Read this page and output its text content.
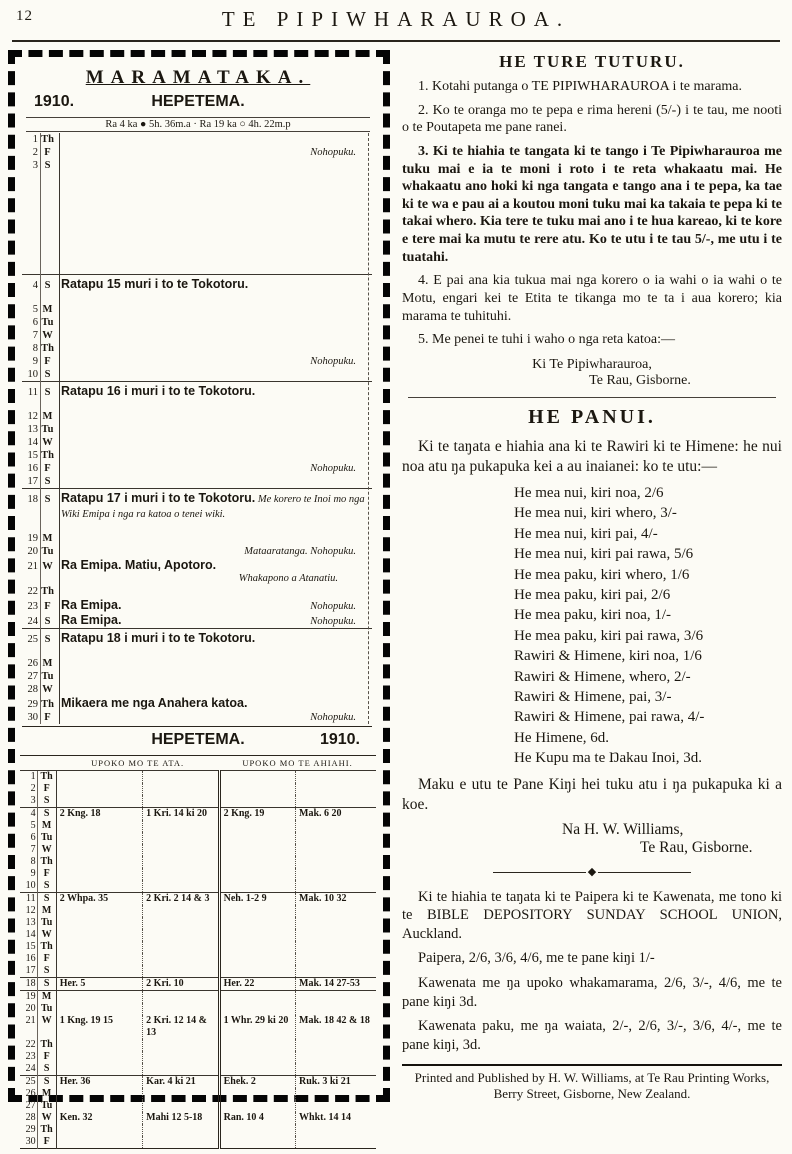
12	TE PIPIWHARAUROA.
MARAMATAKA.
1910.	HEPETEMA.
Ra 4 ka ● 5h. 36m.a · Ra 19 ka ○ 4h. 22m.p
1 Th
2 F	Nohopuku.
3 S
4 S Ratapu 15 muri i to te Tokotoru.
5 M
6 Tu
7 W
8 Th
9 F	Nohopuku.
10 S
11 S Ratapu 16 i muri i to te Tokotoru.
12 M
13 Tu
14 W
15 Th
16 F	Nohopuku.
17 S
18 S Ratapu 17 i muri i to te Tokotoru. Me korero te Inoi mo nga Wiki Emipa i nga ra katoa o tenei wiki.
19 M
20 Tu	Mataaratanga. Nohopuku.
21 W Ra Emipa. Matiu, Apotoro.
Whakapono a Atanatiu.
22 Th
23 F Ra Emipa.	Nohopuku.
24 S Ra Emipa.	Nohopuku.
25 S Ratapu 18 i muri i to te Tokotoru.
26 M
27 Tu
28 W
29 Th Mikaera me nga Anahera katoa.
30 F	Nohopuku.
HEPETEMA.	1910.
		UPOKO MO TE ATA.		UPOKO MO TE AHIAHI.	
1	Th				
2	F				
3	S				
4	S	2 Kng. 18	1 Kri. 14 ki 20	2 Kng. 19	Mak. 6 20
5	M				
6	Tu				
7	W				
8	Th				
9	F				
10	S				
11	S	2 Whpa. 35	2 Kri. 2 14 & 3	Neh. 1-2 9	Mak. 10 32
12	M				
13	Tu				
14	W				
15	Th				
16	F				
17	S				
18	S	Her. 5	2 Kri. 10	Her. 22	Mak. 14 27-53
19	M				
20	Tu				
21	W	1 Kng. 19 15	2 Kri. 12 14 & 13	1 Whr. 29 ki 20	Mak. 18 42 & 18
22	Th				
23	F				
24	S				
25	S	Her. 36	Kar. 4 ki 21	Ehek. 2	Ruk. 3 ki 21
26	M				
27	Tu				
28	W	Ken. 32	Mahi 12 5-18	Ran. 10 4	Whkt. 14 14
29	Th				
30	F				
HE TURE TUTURU.

1. Kotahi putanga o TE PIPIWHARAUROA i te marama.

2. Ko te oranga mo te pepa e rima hereni (5/-) i te tau, me nooti o te Poutapeta me pane ranei.

3. Ki te hiahia te tangata ki te tango i Te Pipiwharauroa me tuku mai e ia te moni i roto i te reta whakaatu mai. He whakaatu ano hoki ki nga tangata e tango ana i te pepa, ka tae ki te wa e pau ai a koutou moni tuku mai ka takaia te pepa ki te takai whero. Kia tere te tuku mai ano i te hua kareao, ki te kore e tere mai ka mutu te rere atu. Ko te utu i te tau 5/-, me utu i te tuatahi.

4. E pai ana kia tukua mai nga korero o ia wahi o ia wahi o te Motu, engari kei te Etita te tikanga mo te ta i aua korero; kia marama te tuhituhi.

5. Me penei te tuhi i waho o nga reta katoa:—

Ki Te Pipiwharauroa,
Te Rau, Gisborne.
HE PANUI.

Ki te taŋata e hiahia ana ki te Rawiri ki te Himene: he nui noa atu ŋa pukapuka kei a au inaianei: ko te utu:—

He mea nui, kiri noa, 2/6
He mea nui, kiri whero, 3/-
He mea nui, kiri pai, 4/-
He mea nui, kiri pai rawa, 5/6
He mea paku, kiri whero, 1/6
He mea paku, kiri pai, 2/6
He mea paku, kiri noa, 1/-
He mea paku, kiri pai rawa, 3/6
Rawiri & Himene, kiri noa, 1/6
Rawiri & Himene, whero, 2/-
Rawiri & Himene, pai, 3/-
Rawiri & Himene, pai rawa, 4/-
He Himene, 6d.
He Kupu ma te Ŋakau Inoi, 3d.

Maku e utu te Pane Kiŋi hei tuku atu i ŋa pukapuka ki a koe.

Na H. W. Williams,
Te Rau, Gisborne.
◆

Ki te hiahia te taŋata ki te Paipera ki te Kawenata, me tono ki te BIBLE DEPOSITORY SUNDAY SCHOOL UNION, Auckland.

Paipera, 2/6, 3/6, 4/6, me te pane kiŋi 1/-

Kawenata me ŋa upoko whakamarama, 2/6, 3/-, 4/6, me te pane kiŋi 3d.

Kawenata paku, me ŋa waiata, 2/-, 2/6, 3/-, 3/6, 4/-, me te pane kiŋi, 3d.

Printed and Published by H. W. Williams, at Te Rau Printing Works, Berry Street, Gisborne, New Zealand.
